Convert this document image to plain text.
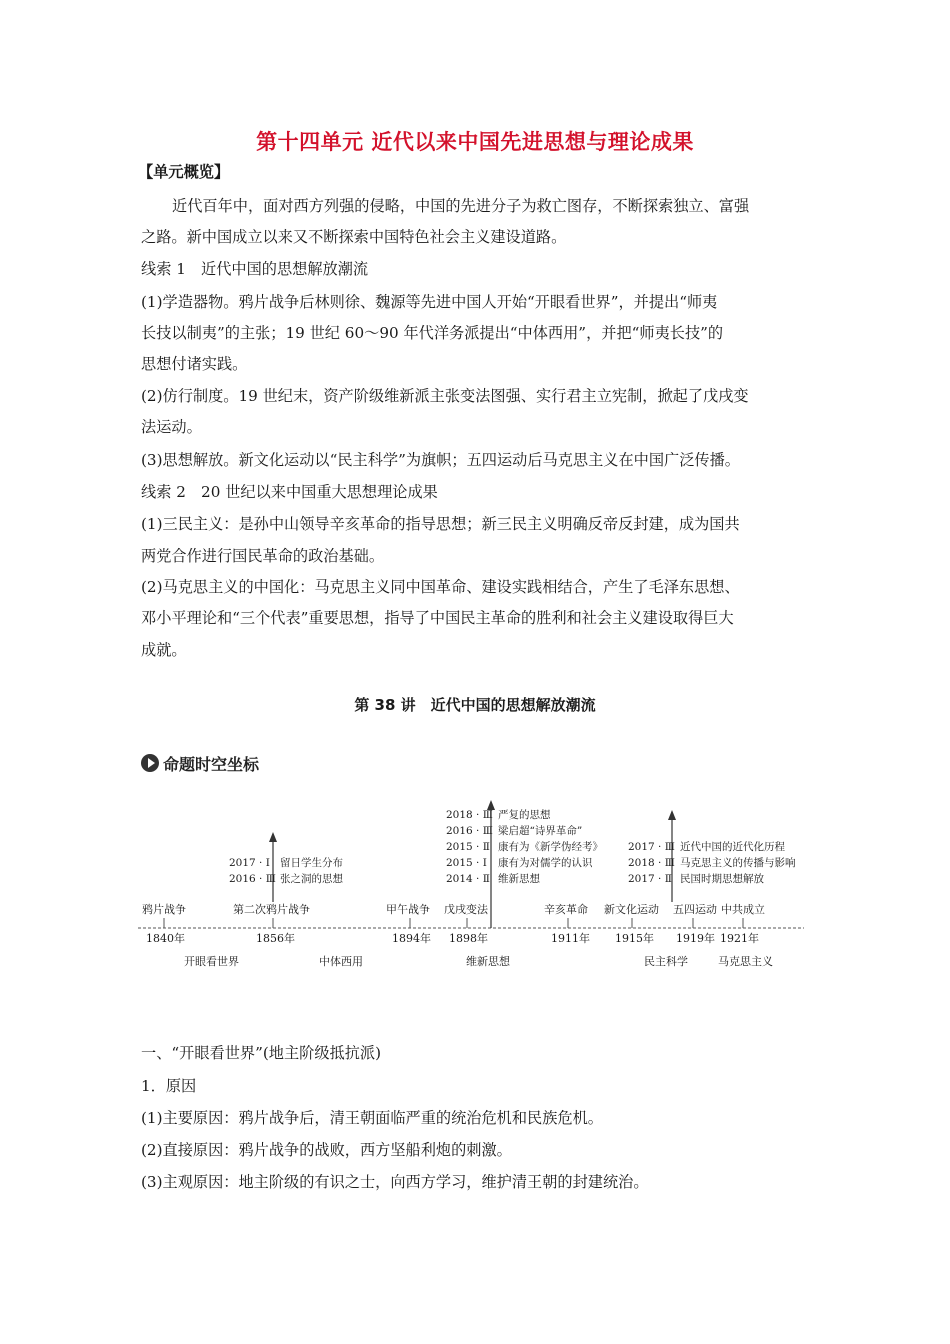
第十四单元 近代以来中国先进思想与理论成果
【单元概览】
近代百年中，面对西方列强的侵略，中国的先进分子为救亡图存，不断探索独立、富强
之路。新中国成立以来又不断探索中国特色社会主义建设道路。
线索 1　近代中国的思想解放潮流
(1)学造器物。鸦片战争后林则徐、魏源等先进中国人开始“开眼看世界”，并提出“师夷
长技以制夷”的主张；19 世纪 60～90 年代洋务派提出“中体西用”，并把“师夷长技”的
思想付诸实践。
(2)仿行制度。19 世纪末，资产阶级维新派主张变法图强、实行君主立宪制，掀起了戊戌变
法运动。
(3)思想解放。新文化运动以“民主科学”为旗帜；五四运动后马克思主义在中国广泛传播。
线索 2　20 世纪以来中国重大思想理论成果
(1)三民主义：是孙中山领导辛亥革命的指导思想；新三民主义明确反帝反封建，成为国共
两党合作进行国民革命的政治基础。
(2)马克思主义的中国化：马克思主义同中国革命、建设实践相结合，产生了毛泽东思想、
邓小平理论和“三个代表”重要思想，指导了中国民主革命的胜利和社会主义建设取得巨大
成就。
第 38 讲　近代中国的思想解放潮流
命题时空坐标
鸦片战争	第二次鸦片战争	甲午战争 戊戌变法	辛亥革命 新文化运动 五四运动 中共成立
1840年	1856年	1894年 1898年	1911年 1915年 1919年 1921年
开眼看世界	中体西用	维新思想	民主科学	马克思主义
2017 · Ⅰ 留日学生分布
2016 · Ⅲ 张之洞的思想
2018 · Ⅲ 严复的思想
2016 · Ⅲ 梁启超“诗界革命”
2015 · Ⅱ 康有为《新学伪经考》
2015 · Ⅰ 康有为对儒学的认识
2014 · Ⅱ 维新思想
2017 · Ⅲ 近代中国的近代化历程
2018 · Ⅲ 马克思主义的传播与影响
2017 · Ⅱ 民国时期思想解放
一、“开眼看世界”(地主阶级抵抗派)
1．原因
(1)主要原因：鸦片战争后，清王朝面临严重的统治危机和民族危机。
(2)直接原因：鸦片战争的战败，西方坚船利炮的刺激。
(3)主观原因：地主阶级的有识之士，向西方学习，维护清王朝的封建统治。
